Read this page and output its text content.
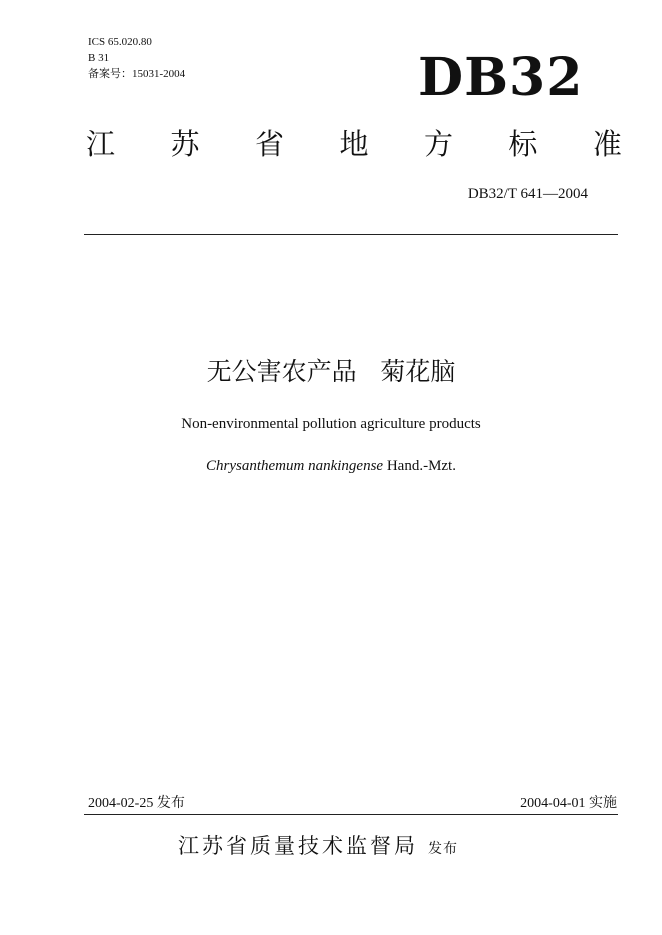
ICS 65.020.80
B 31
备案号：15031-2004	DB32
江 苏 省 地 方 标 准
DB32/T 641—2004
无公害农产品   菊花脑
Non-environmental pollution agriculture products
Chrysanthemum nankingense Hand.-Mzt.
2004-02-25 发布	2004-04-01 实施
江苏省质量技术监督局 发布
